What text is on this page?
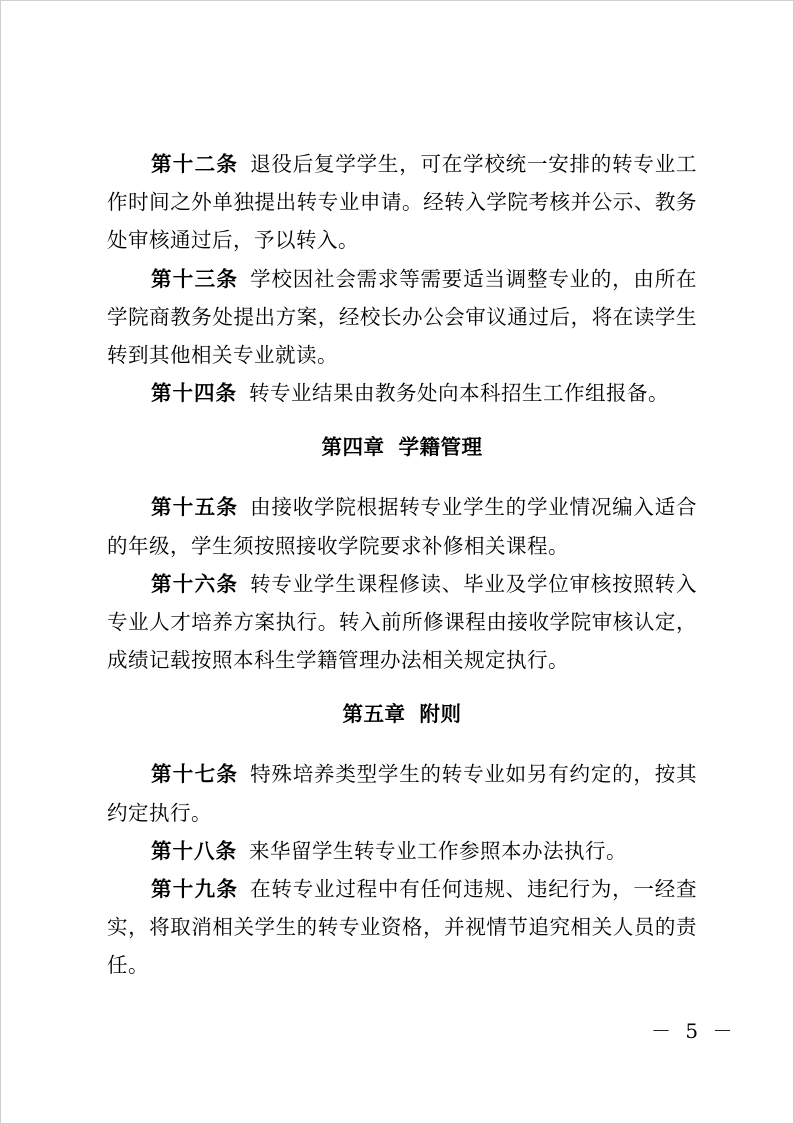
第十二条 退役后复学学生，可在学校统一安排的转专业工作时间之外单独提出转专业申请。经转入学院考核并公示、教务处审核通过后，予以转入。

第十三条 学校因社会需求等需要适当调整专业的，由所在学院商教务处提出方案，经校长办公会审议通过后，将在读学生转到其他相关专业就读。

第十四条 转专业结果由教务处向本科招生工作组报备。

第四章 学籍管理

第十五条 由接收学院根据转专业学生的学业情况编入适合的年级，学生须按照接收学院要求补修相关课程。

第十六条 转专业学生课程修读、毕业及学位审核按照转入专业人才培养方案执行。转入前所修课程由接收学院审核认定，成绩记载按照本科生学籍管理办法相关规定执行。

第五章 附则

第十七条 特殊培养类型学生的转专业如另有约定的，按其约定执行。

第十八条 来华留学生转专业工作参照本办法执行。

第十九条 在转专业过程中有任何违规、违纪行为，一经查实，将取消相关学生的转专业资格，并视情节追究相关人员的责任。

－ 5 －
